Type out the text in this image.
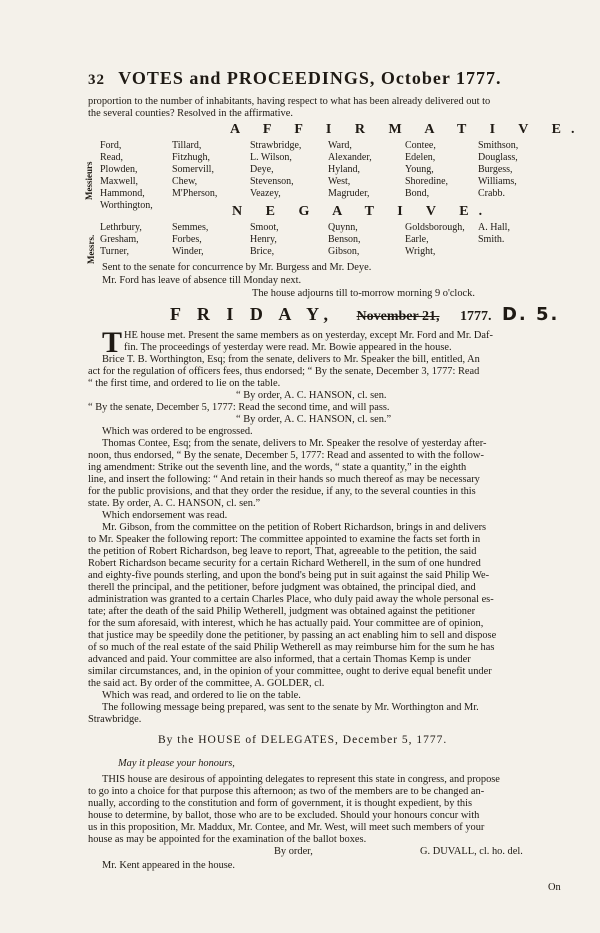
32 VOTES and PROCEEDINGS, October 1777.
proportion to the number of inhabitants, having respect to what has been already delivered out to
the several counties? Resolved in the affirmative.
A F F I R M A T I V E.
Messieurs
Ford,
Read,
Plowden,
Maxwell,
Hammond,
Worthington,
Tillard,
Fitzhugh,
Somervill,
Chew,
M'Pherson,
Strawbridge,
L. Wilson,
Deye,
Stevenson,
Veazey,
Ward,
Alexander,
Hyland,
West,
Magruder,
Contee,
Edelen,
Young,
Shoredine,
Bond,
Smithson,
Douglass,
Burgess,
Williams,
Crabb.
N E G A T I V E.
Messrs.
Lethrbury,
Gresham,
Turner,
Semmes,
Forbes,
Winder,
Smoot,
Henry,
Brice,
Quynn,
Benson,
Gibson,
Goldsborough,
Earle,
Wright,
A. Hall,
Smith.
Sent to the senate for concurrence by Mr. Burgess and Mr. Deye.
Mr. Ford has leave of absence till Monday next.
The house adjourns till to-morrow morning 9 o'clock.
F R I D A Y, November 21, 1777. D. 5.
T HE house met. Present the same members as on yesterday, except Mr. Ford and Mr. Daf-
fin. The proceedings of yesterday were read. Mr. Bowie appeared in the house.
Brice T. B. Worthington, Esq; from the senate, delivers to Mr. Speaker the bill, entitled, An
act for the regulation of officers fees, thus endorsed; “ By the senate, December 3, 1777: Read
“ the first time, and ordered to lie on the table.
“ By order, A. C. HANSON, cl. sen.
“ By the senate, December 5, 1777: Read the second time, and will pass.
“ By order, A. C. HANSON, cl. sen.”
Which was ordered to be engrossed.
Thomas Contee, Esq; from the senate, delivers to Mr. Speaker the resolve of yesterday after-
noon, thus endorsed, “ By the senate, December 5, 1777: Read and assented to with the follow-
ing amendment: Strike out the seventh line, and the words, “ state a quantity,” in the eighth
line, and insert the following: “ And retain in their hands so much thereof as may be necessary
for the public provisions, and that they order the residue, if any, to the several counties in this
state. By order, A. C. HANSON, cl. sen.”
Which endorsement was read.
Mr. Gibson, from the committee on the petition of Robert Richardson, brings in and delivers
to Mr. Speaker the following report: The committee appointed to examine the facts set forth in
the petition of Robert Richardson, beg leave to report, That, agreeable to the petition, the said
Robert Richardson became security for a certain Richard Wetherell, in the sum of one hundred
and eighty-five pounds sterling, and upon the bond's being put in suit against the said Philip We-
therell the principal, and the petitioner, before judgment was obtained, the principal died, and
administration was granted to a certain Charles Place, who duly paid away the whole personal es-
tate; after the death of the said Philip Wetherell, judgment was obtained against the petitioner
for the sum aforesaid, with interest, which he has actually paid. Your committee are of opinion,
that justice may be speedily done the petitioner, by passing an act enabling him to sell and dispose
of so much of the real estate of the said Philip Wetherell as may reimburse him for the sum he has
advanced and paid. Your committee are also informed, that a certain Thomas Kemp is under
similar circumstances, and, in the opinion of your committee, ought to derive equal benefit under
the said act. By order of the committee, A. GOLDER, cl.
Which was read, and ordered to lie on the table.
The following message being prepared, was sent to the senate by Mr. Worthington and Mr.
Strawbridge.
By the HOUSE of DELEGATES, December 5, 1777.
May it please your honours,
THIS house are desirous of appointing delegates to represent this state in congress, and propose
to go into a choice for that purpose this afternoon; as two of the members are to be changed an-
nually, according to the constitution and form of government, it is thought expedient, by this
house to determine, by ballot, those who are to be excluded. Should your honours concur with
us in this proposition, Mr. Maddux, Mr. Contee, and Mr. West, will meet such members of your
house as may be appointed for the examination of the ballot boxes.
By order,	G. DUVALL, cl. ho. del.
Mr. Kent appeared in the house.
On
